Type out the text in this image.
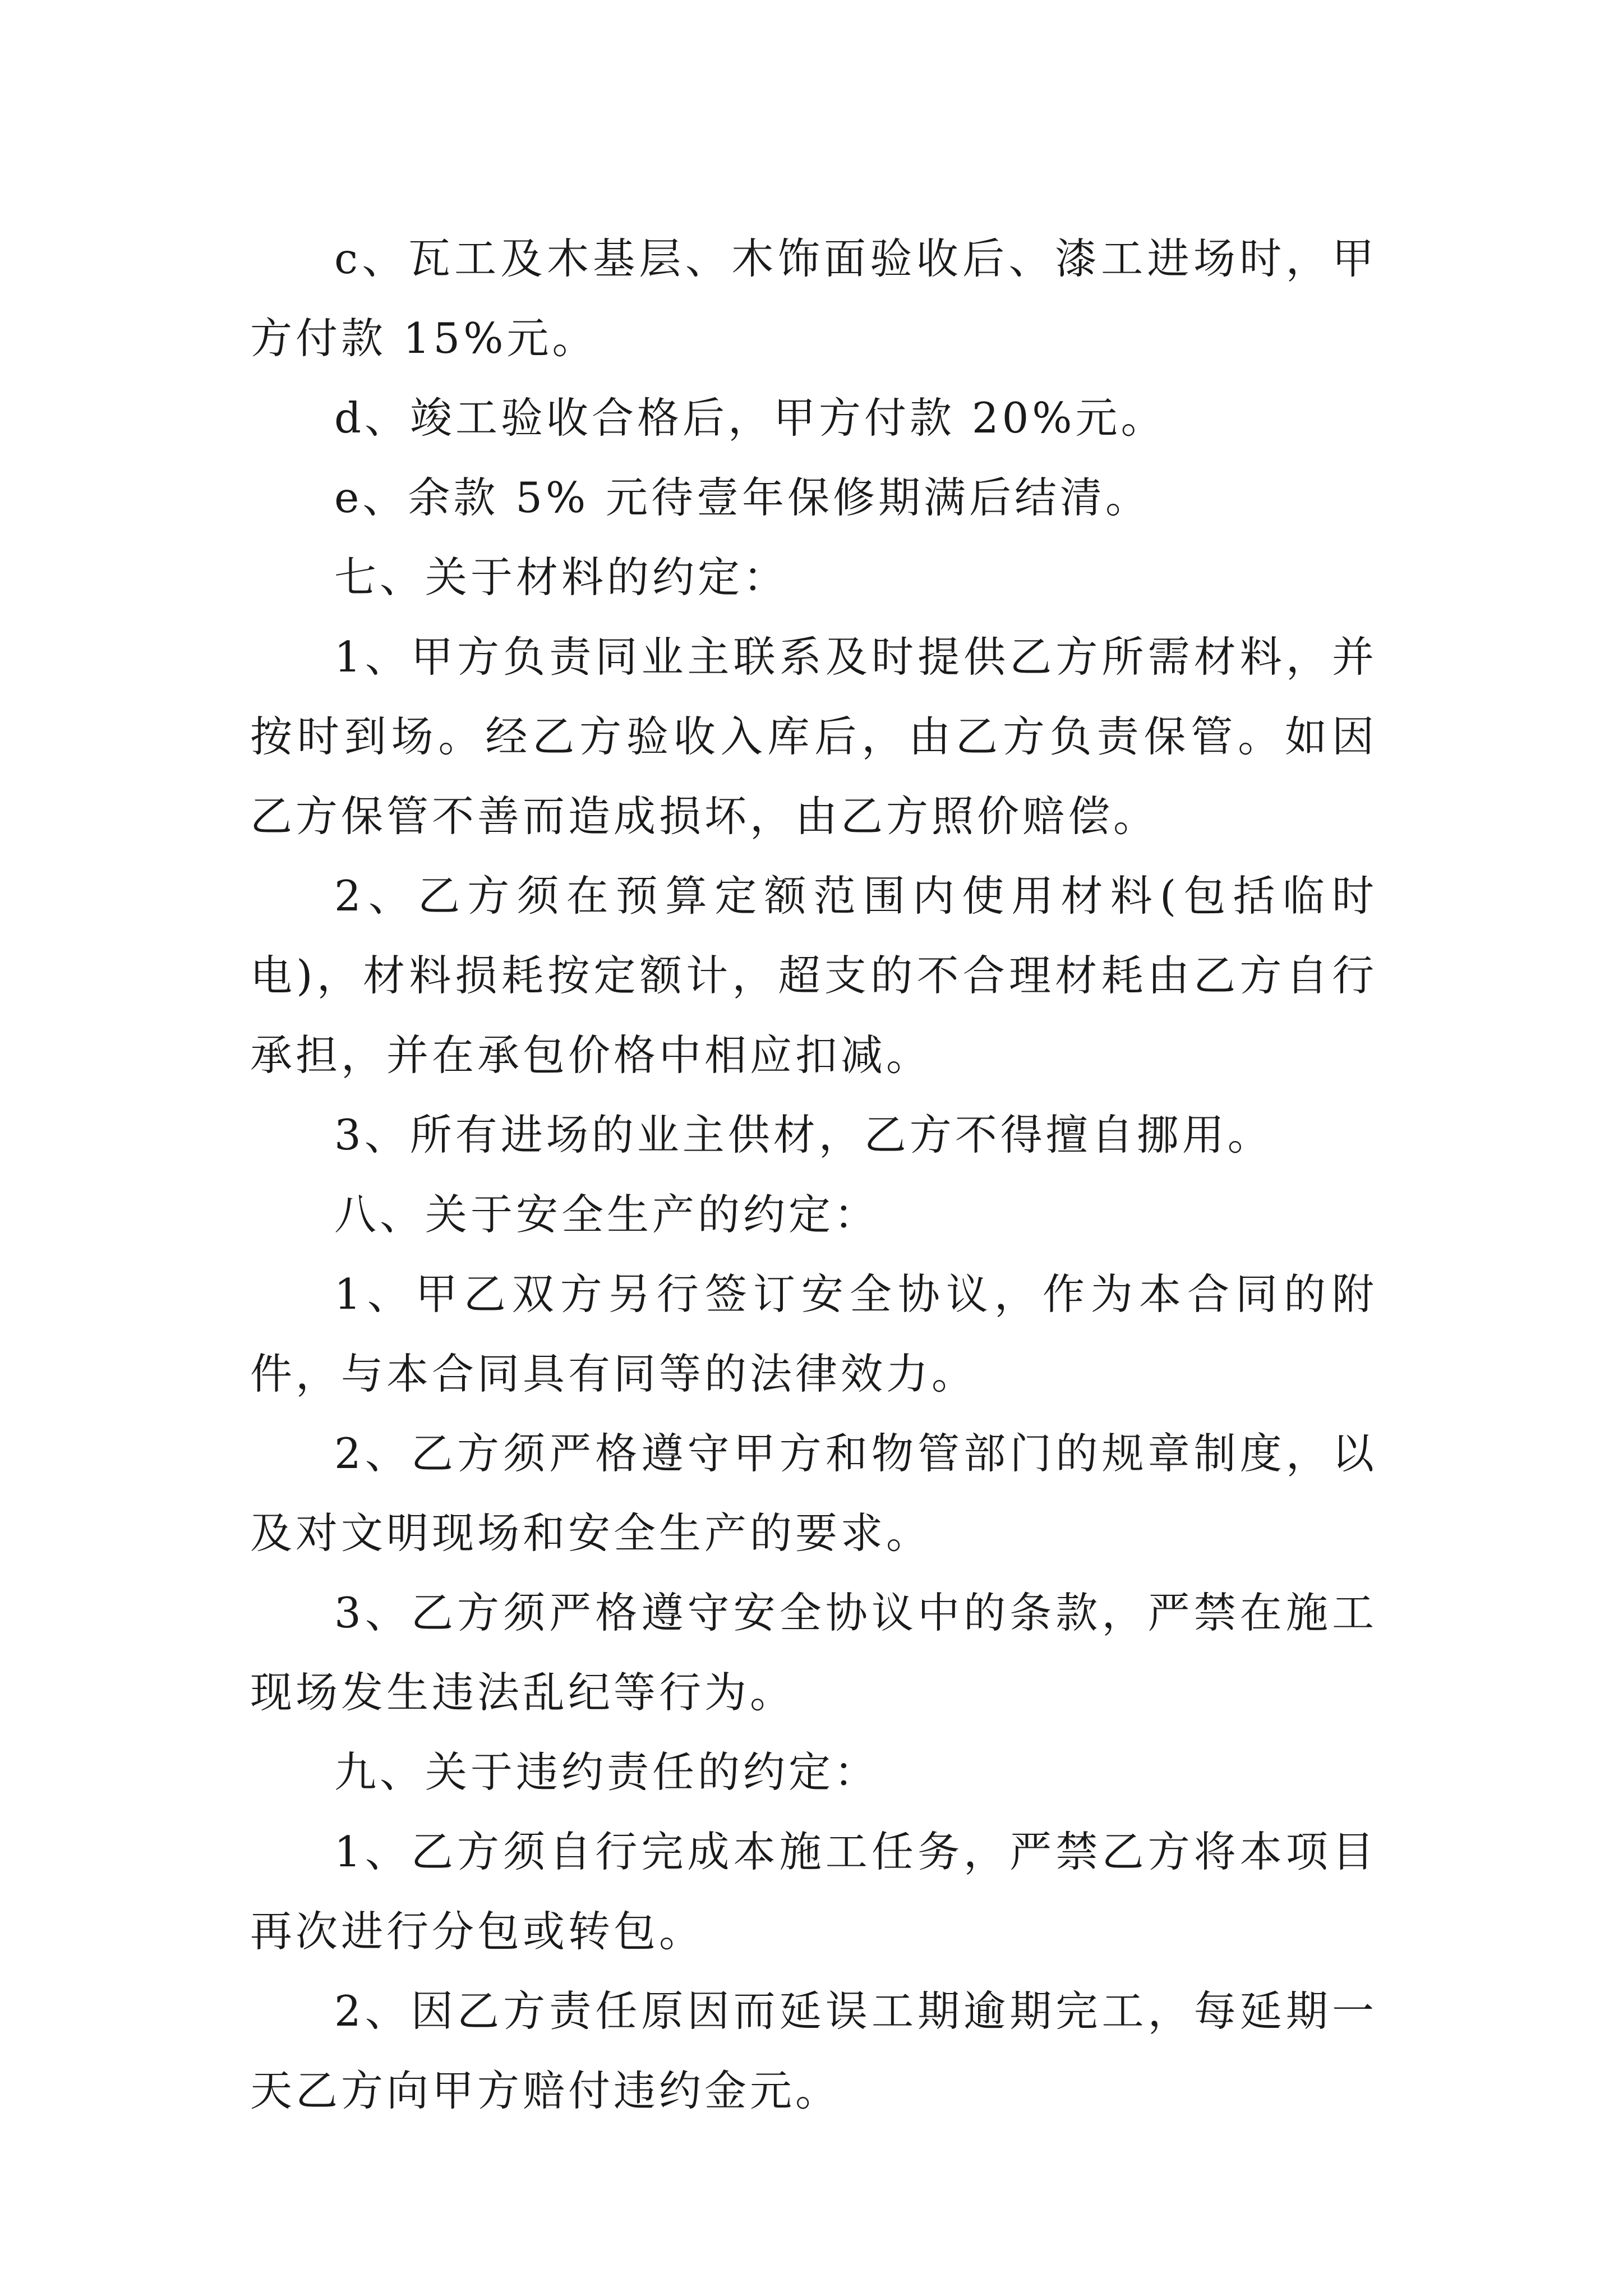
c、瓦工及木基层、木饰面验收后、漆工进场时，甲方付款 15%元。

d、竣工验收合格后，甲方付款 20%元。

e、余款 5% 元待壹年保修期满后结清。

七、关于材料的约定：

1、甲方负责同业主联系及时提供乙方所需材料，并按时到场。经乙方验收入库后，由乙方负责保管。如因乙方保管不善而造成损坏，由乙方照价赔偿。

2、乙方须在预算定额范围内使用材料(包括临时电)，材料损耗按定额计，超支的不合理材耗由乙方自行承担，并在承包价格中相应扣减。

3、所有进场的业主供材，乙方不得擅自挪用。

八、关于安全生产的约定：

1、甲乙双方另行签订安全协议，作为本合同的附件，与本合同具有同等的法律效力。

2、乙方须严格遵守甲方和物管部门的规章制度，以及对文明现场和安全生产的要求。

3、乙方须严格遵守安全协议中的条款，严禁在施工现场发生违法乱纪等行为。

九、关于违约责任的约定：

1、乙方须自行完成本施工任务，严禁乙方将本项目再次进行分包或转包。

2、因乙方责任原因而延误工期逾期完工，每延期一天乙方向甲方赔付违约金元。
